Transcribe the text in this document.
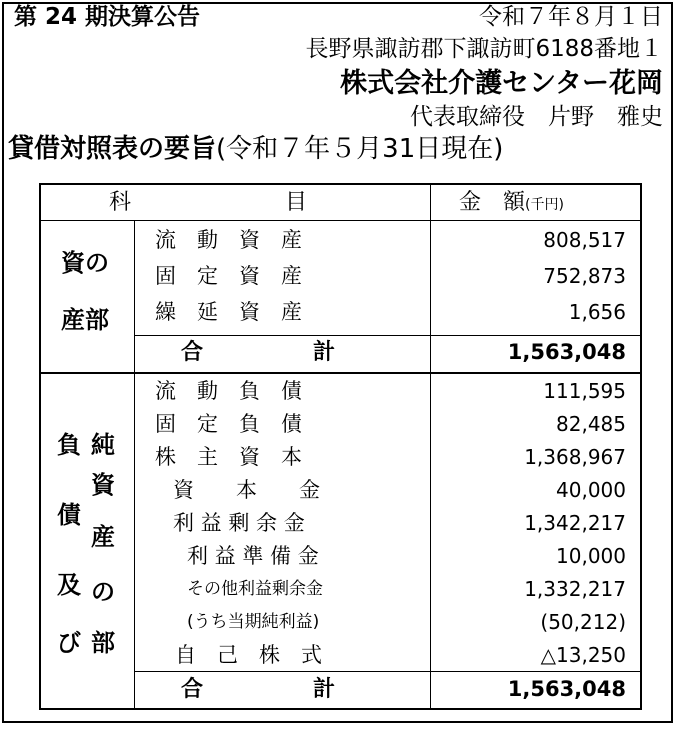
第 24 期決算公告	令和７年８月１日
長野県諏訪郡下諏訪町6188番地１
株式会社介護センター花岡
代表取締役　片野　雅史
貸借対照表の要旨(令和７年５月31日現在)
科　　　　　　　目	金　額(千円)
資の
産部
流　動　資　産	808,517
固　定　資　産	752,873
繰　延　資　産	1,656
合　　　　　計	1,563,048
負
債
及
び
純
資
産
の
部
流　動　負　債	111,595
固　定　負　債	82,485
株　主　資　本	1,368,967
資　　本　　金	40,000
利 益 剰 余 金	1,342,217
利 益 準 備 金	10,000
その他利益剰余金	1,332,217
(うち当期純利益)	(50,212)
自　己　株　式	△13,250
合　　　　　計	1,563,048
